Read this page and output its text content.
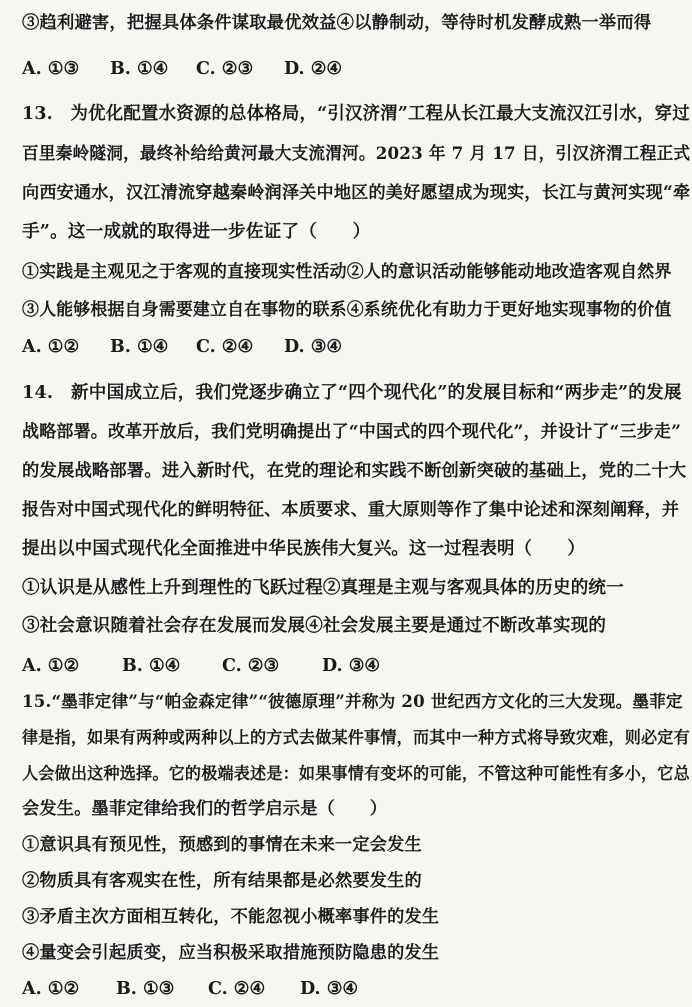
③趋利避害，把握具体条件谋取最优效益④以静制动，等待时机发酵成熟一举而得
A. ①③ B. ①④ C. ②③ D. ②④
13.　为优化配置水资源的总体格局，“引汉济渭”工程从长江最大支流汉江引水，穿过
百里秦岭隧洞，最终补给给黄河最大支流渭河。2023 年 7 月 17 日，引汉济渭工程正式
向西安通水，汉江清流穿越秦岭润泽关中地区的美好愿望成为现实，长江与黄河实现“牵
手”。这一成就的取得进一步佐证了（　　）
①实践是主观见之于客观的直接现实性活动②人的意识活动能够能动地改造客观自然界
③人能够根据自身需要建立自在事物的联系④系统优化有助力于更好地实现事物的价值
A. ①② B. ①④ C. ②④ D. ③④
14.　新中国成立后，我们党逐步确立了“四个现代化”的发展目标和“两步走”的发展
战略部署。改革开放后，我们党明确提出了“中国式的四个现代化”，并设计了“三步走”
的发展战略部署。进入新时代，在党的理论和实践不断创新突破的基础上，党的二十大
报告对中国式现代化的鲜明特征、本质要求、重大原则等作了集中论述和深刻阐释，并
提出以中国式现代化全面推进中华民族伟大复兴。这一过程表明（　　）
①认识是从感性上升到理性的飞跃过程②真理是主观与客观具体的历史的统一
③社会意识随着社会存在发展而发展④社会发展主要是通过不断改革实现的
A. ①② B. ①④ C. ②③ D. ③④
15.“墨菲定律”与“帕金森定律”“彼德原理”并称为 20 世纪西方文化的三大发现。墨菲定
律是指，如果有两种或两种以上的方式去做某件事情，而其中一种方式将导致灾难，则必定有
人会做出这种选择。它的极端表述是：如果事情有变坏的可能，不管这种可能性有多小，它总
会发生。墨菲定律给我们的哲学启示是（　　）
①意识具有预见性，预感到的事情在未来一定会发生
②物质具有客观实在性，所有结果都是必然要发生的
③矛盾主次方面相互转化，不能忽视小概率事件的发生
④量变会引起质变，应当积极采取措施预防隐患的发生
A. ①② B. ①③ C. ②④ D. ③④
